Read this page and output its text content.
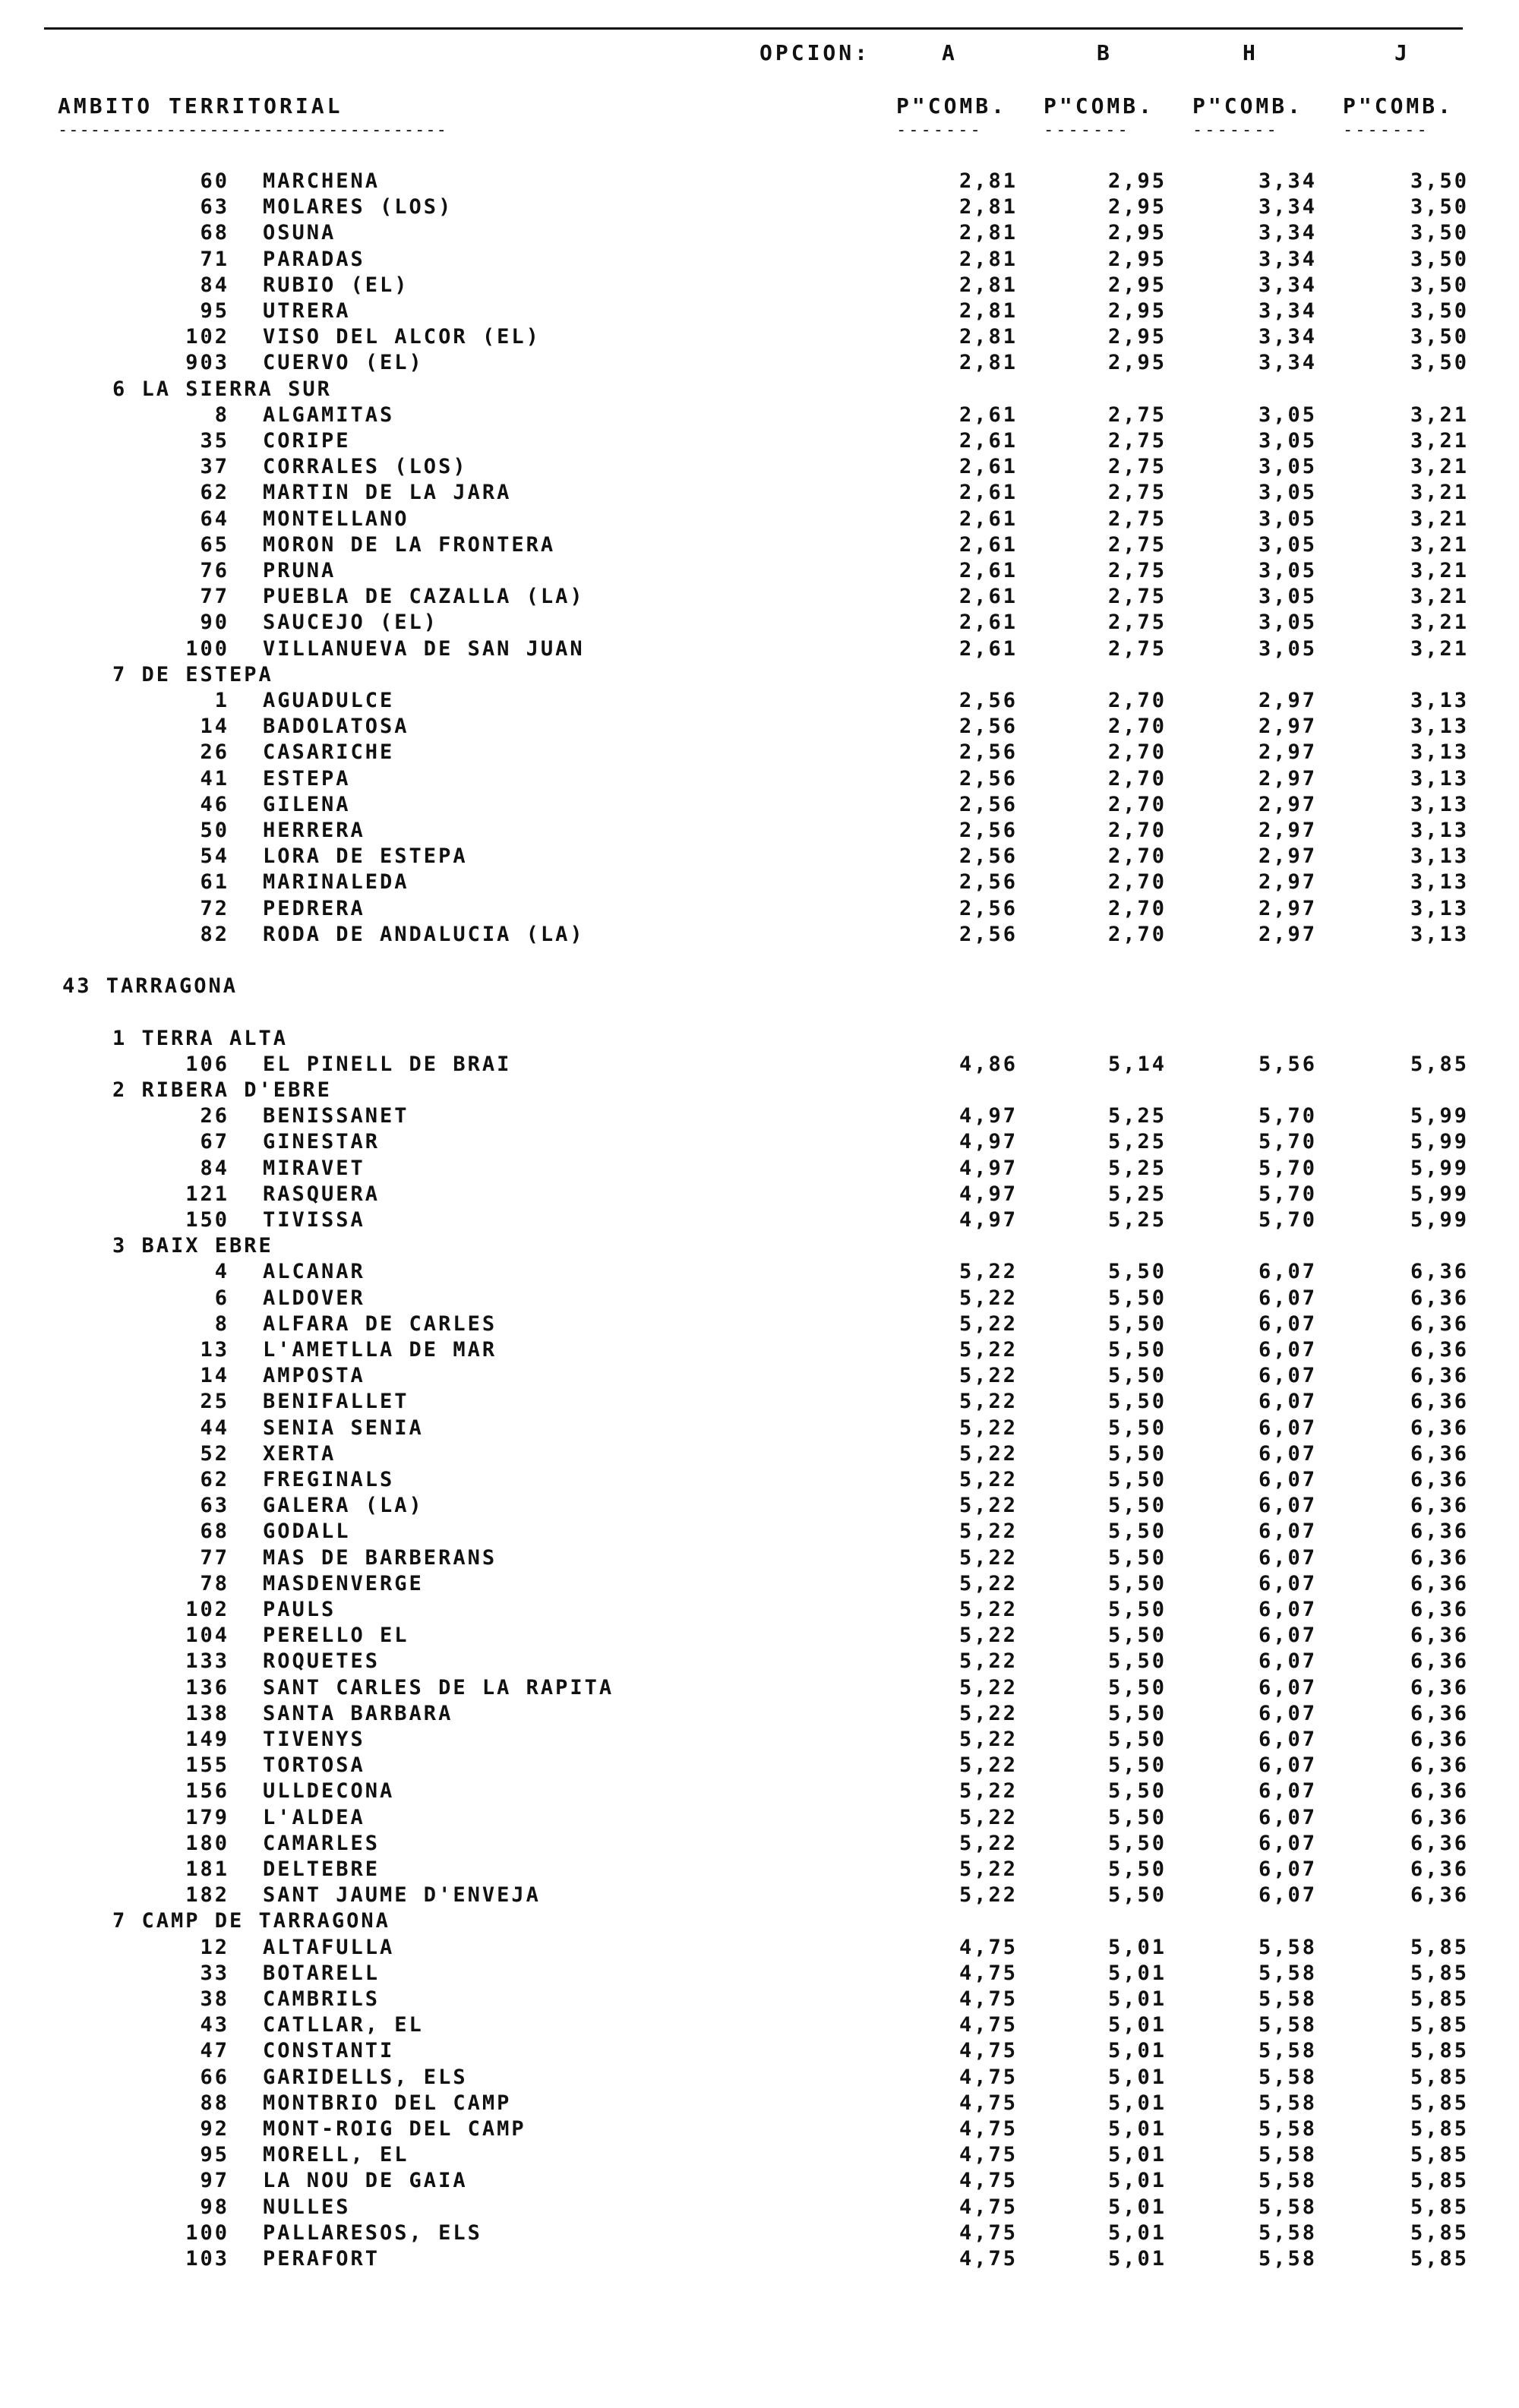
OPCION:	A	B	H	J
AMBITO TERRITORIAL
------------------------------------
P"COMB. P"COMB. P"COMB. P"COMB.
-------	-------	-------	-------
60 MARCHENA	2,81	2,95	3,34	3,50
63 MOLARES (LOS)	2,81	2,95	3,34	3,50
68 OSUNA	2,81	2,95	3,34	3,50
71 PARADAS	2,81	2,95	3,34	3,50
84 RUBIO (EL)	2,81	2,95	3,34	3,50
95 UTRERA	2,81	2,95	3,34	3,50
102 VISO DEL ALCOR (EL)	2,81	2,95	3,34	3,50
903 CUERVO (EL)	2,81	2,95	3,34	3,50
6 LA SIERRA SUR
8 ALGAMITAS	2,61	2,75	3,05	3,21
35 CORIPE	2,61	2,75	3,05	3,21
37 CORRALES (LOS)	2,61	2,75	3,05	3,21
62 MARTIN DE LA JARA	2,61	2,75	3,05	3,21
64 MONTELLANO	2,61	2,75	3,05	3,21
65 MORON DE LA FRONTERA	2,61	2,75	3,05	3,21
76 PRUNA	2,61	2,75	3,05	3,21
77 PUEBLA DE CAZALLA (LA)	2,61	2,75	3,05	3,21
90 SAUCEJO (EL)	2,61	2,75	3,05	3,21
100 VILLANUEVA DE SAN JUAN	2,61	2,75	3,05	3,21
7 DE ESTEPA
1 AGUADULCE	2,56	2,70	2,97	3,13
14 BADOLATOSA	2,56	2,70	2,97	3,13
26 CASARICHE	2,56	2,70	2,97	3,13
41 ESTEPA	2,56	2,70	2,97	3,13
46 GILENA	2,56	2,70	2,97	3,13
50 HERRERA	2,56	2,70	2,97	3,13
54 LORA DE ESTEPA	2,56	2,70	2,97	3,13
61 MARINALEDA	2,56	2,70	2,97	3,13
72 PEDRERA	2,56	2,70	2,97	3,13
82 RODA DE ANDALUCIA (LA)	2,56	2,70	2,97	3,13
43 TARRAGONA
1 TERRA ALTA
106 EL PINELL DE BRAI	4,86	5,14	5,56	5,85
2 RIBERA D'EBRE
26 BENISSANET	4,97	5,25	5,70	5,99
67 GINESTAR	4,97	5,25	5,70	5,99
84 MIRAVET	4,97	5,25	5,70	5,99
121 RASQUERA	4,97	5,25	5,70	5,99
150 TIVISSA	4,97	5,25	5,70	5,99
3 BAIX EBRE
4 ALCANAR	5,22	5,50	6,07	6,36
6 ALDOVER	5,22	5,50	6,07	6,36
8 ALFARA DE CARLES	5,22	5,50	6,07	6,36
13 L'AMETLLA DE MAR	5,22	5,50	6,07	6,36
14 AMPOSTA	5,22	5,50	6,07	6,36
25 BENIFALLET	5,22	5,50	6,07	6,36
44 SENIA SENIA	5,22	5,50	6,07	6,36
52 XERTA	5,22	5,50	6,07	6,36
62 FREGINALS	5,22	5,50	6,07	6,36
63 GALERA (LA)	5,22	5,50	6,07	6,36
68 GODALL	5,22	5,50	6,07	6,36
77 MAS DE BARBERANS	5,22	5,50	6,07	6,36
78 MASDENVERGE	5,22	5,50	6,07	6,36
102 PAULS	5,22	5,50	6,07	6,36
104 PERELLO EL	5,22	5,50	6,07	6,36
133 ROQUETES	5,22	5,50	6,07	6,36
136 SANT CARLES DE LA RAPITA	5,22	5,50	6,07	6,36
138 SANTA BARBARA	5,22	5,50	6,07	6,36
149 TIVENYS	5,22	5,50	6,07	6,36
155 TORTOSA	5,22	5,50	6,07	6,36
156 ULLDECONA	5,22	5,50	6,07	6,36
179 L'ALDEA	5,22	5,50	6,07	6,36
180 CAMARLES	5,22	5,50	6,07	6,36
181 DELTEBRE	5,22	5,50	6,07	6,36
182 SANT JAUME D'ENVEJA	5,22	5,50	6,07	6,36
7 CAMP DE TARRAGONA
12 ALTAFULLA	4,75	5,01	5,58	5,85
33 BOTARELL	4,75	5,01	5,58	5,85
38 CAMBRILS	4,75	5,01	5,58	5,85
43 CATLLAR, EL	4,75	5,01	5,58	5,85
47 CONSTANTI	4,75	5,01	5,58	5,85
66 GARIDELLS, ELS	4,75	5,01	5,58	5,85
88 MONTBRIO DEL CAMP	4,75	5,01	5,58	5,85
92 MONT-ROIG DEL CAMP	4,75	5,01	5,58	5,85
95 MORELL, EL	4,75	5,01	5,58	5,85
97 LA NOU DE GAIA	4,75	5,01	5,58	5,85
98 NULLES	4,75	5,01	5,58	5,85
100 PALLARESOS, ELS	4,75	5,01	5,58	5,85
103 PERAFORT	4,75	5,01	5,58	5,85
